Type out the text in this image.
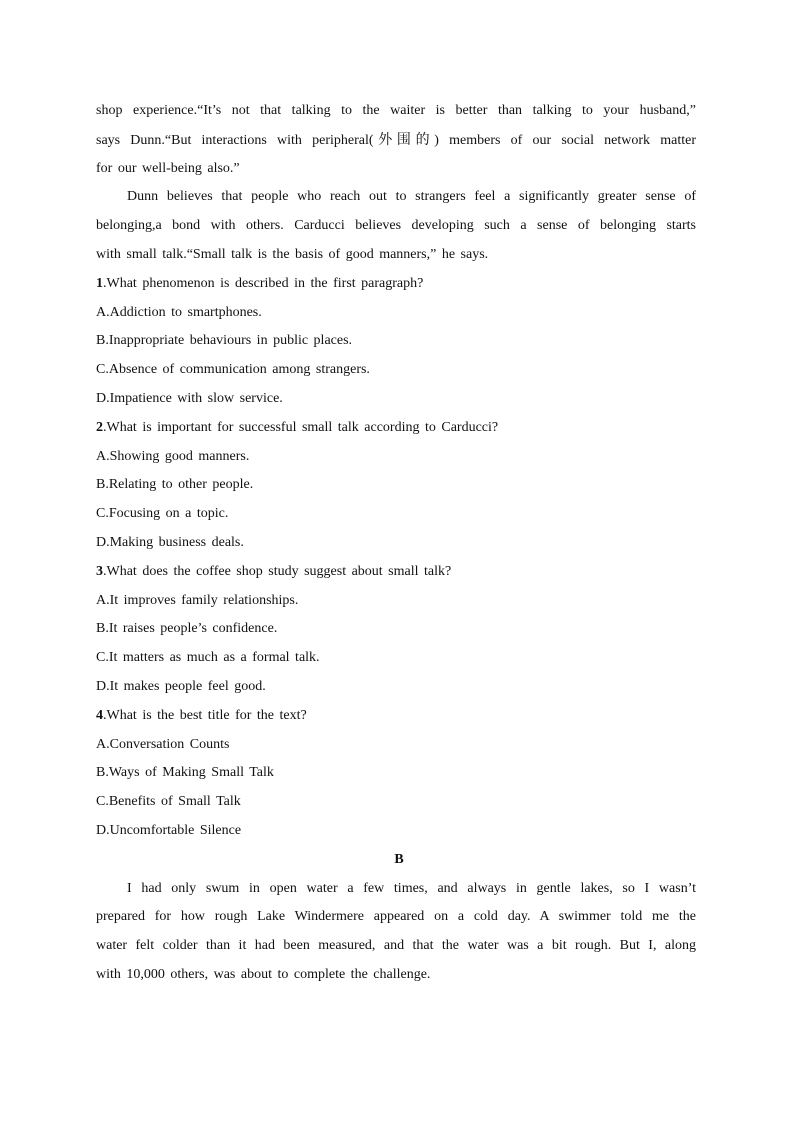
shop experience.“It’s not that talking to the waiter is better than talking to your husband,”
says Dunn.“But interactions with peripheral(外围的) members of our social network matter
for our well-being also.”
Dunn believes that people who reach out to strangers feel a significantly greater sense of
belonging,a bond with others. Carducci believes developing such a sense of belonging starts
with small talk.“Small talk is the basis of good manners,” he says.
1.What phenomenon is described in the first paragraph?
A.Addiction to smartphones.
B.Inappropriate behaviours in public places.
C.Absence of communication among strangers.
D.Impatience with slow service.
2.What is important for successful small talk according to Carducci?
A.Showing good manners.
B.Relating to other people.
C.Focusing on a topic.
D.Making business deals.
3.What does the coffee shop study suggest about small talk?
A.It improves family relationships.
B.It raises people’s confidence.
C.It matters as much as a formal talk.
D.It makes people feel good.
4.What is the best title for the text?
A.Conversation Counts
B.Ways of Making Small Talk
C.Benefits of Small Talk
D.Uncomfortable Silence
B
I had only swum in open water a few times, and always in gentle lakes, so I wasn’t
prepared for how rough Lake Windermere appeared on a cold day. A swimmer told me the
water felt colder than it had been measured, and that the water was a bit rough. But I, along
with 10,000 others, was about to complete the challenge.
